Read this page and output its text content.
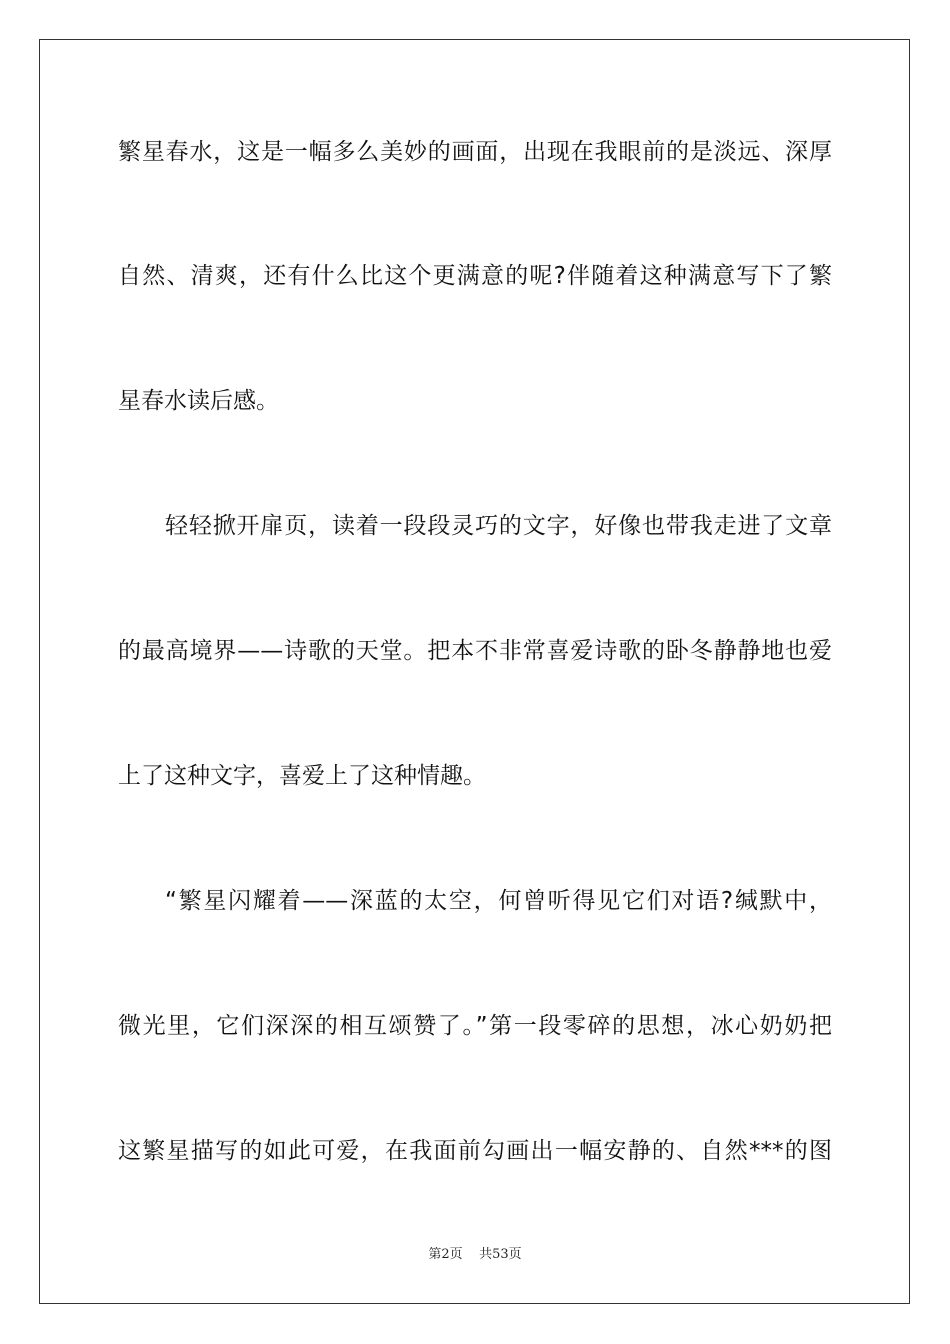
繁星春水，这是一幅多么美妙的画面，出现在我眼前的是淡远、深厚
自然、清爽，还有什么比这个更满意的呢?伴随着这种满意写下了繁
星春水读后感。
轻轻掀开扉页，读着一段段灵巧的文字，好像也带我走进了文章
的最高境界——诗歌的天堂。把本不非常喜爱诗歌的卧冬静静地也爱
上了这种文字，喜爱上了这种情趣。
“繁星闪耀着——深蓝的太空，何曾听得见它们对语?缄默中，
微光里，它们深深的相互颂赞了。”第一段零碎的思想，冰心奶奶把
这繁星描写的如此可爱，在我面前勾画出一幅安静的、自然***的图
第2页 共53页
